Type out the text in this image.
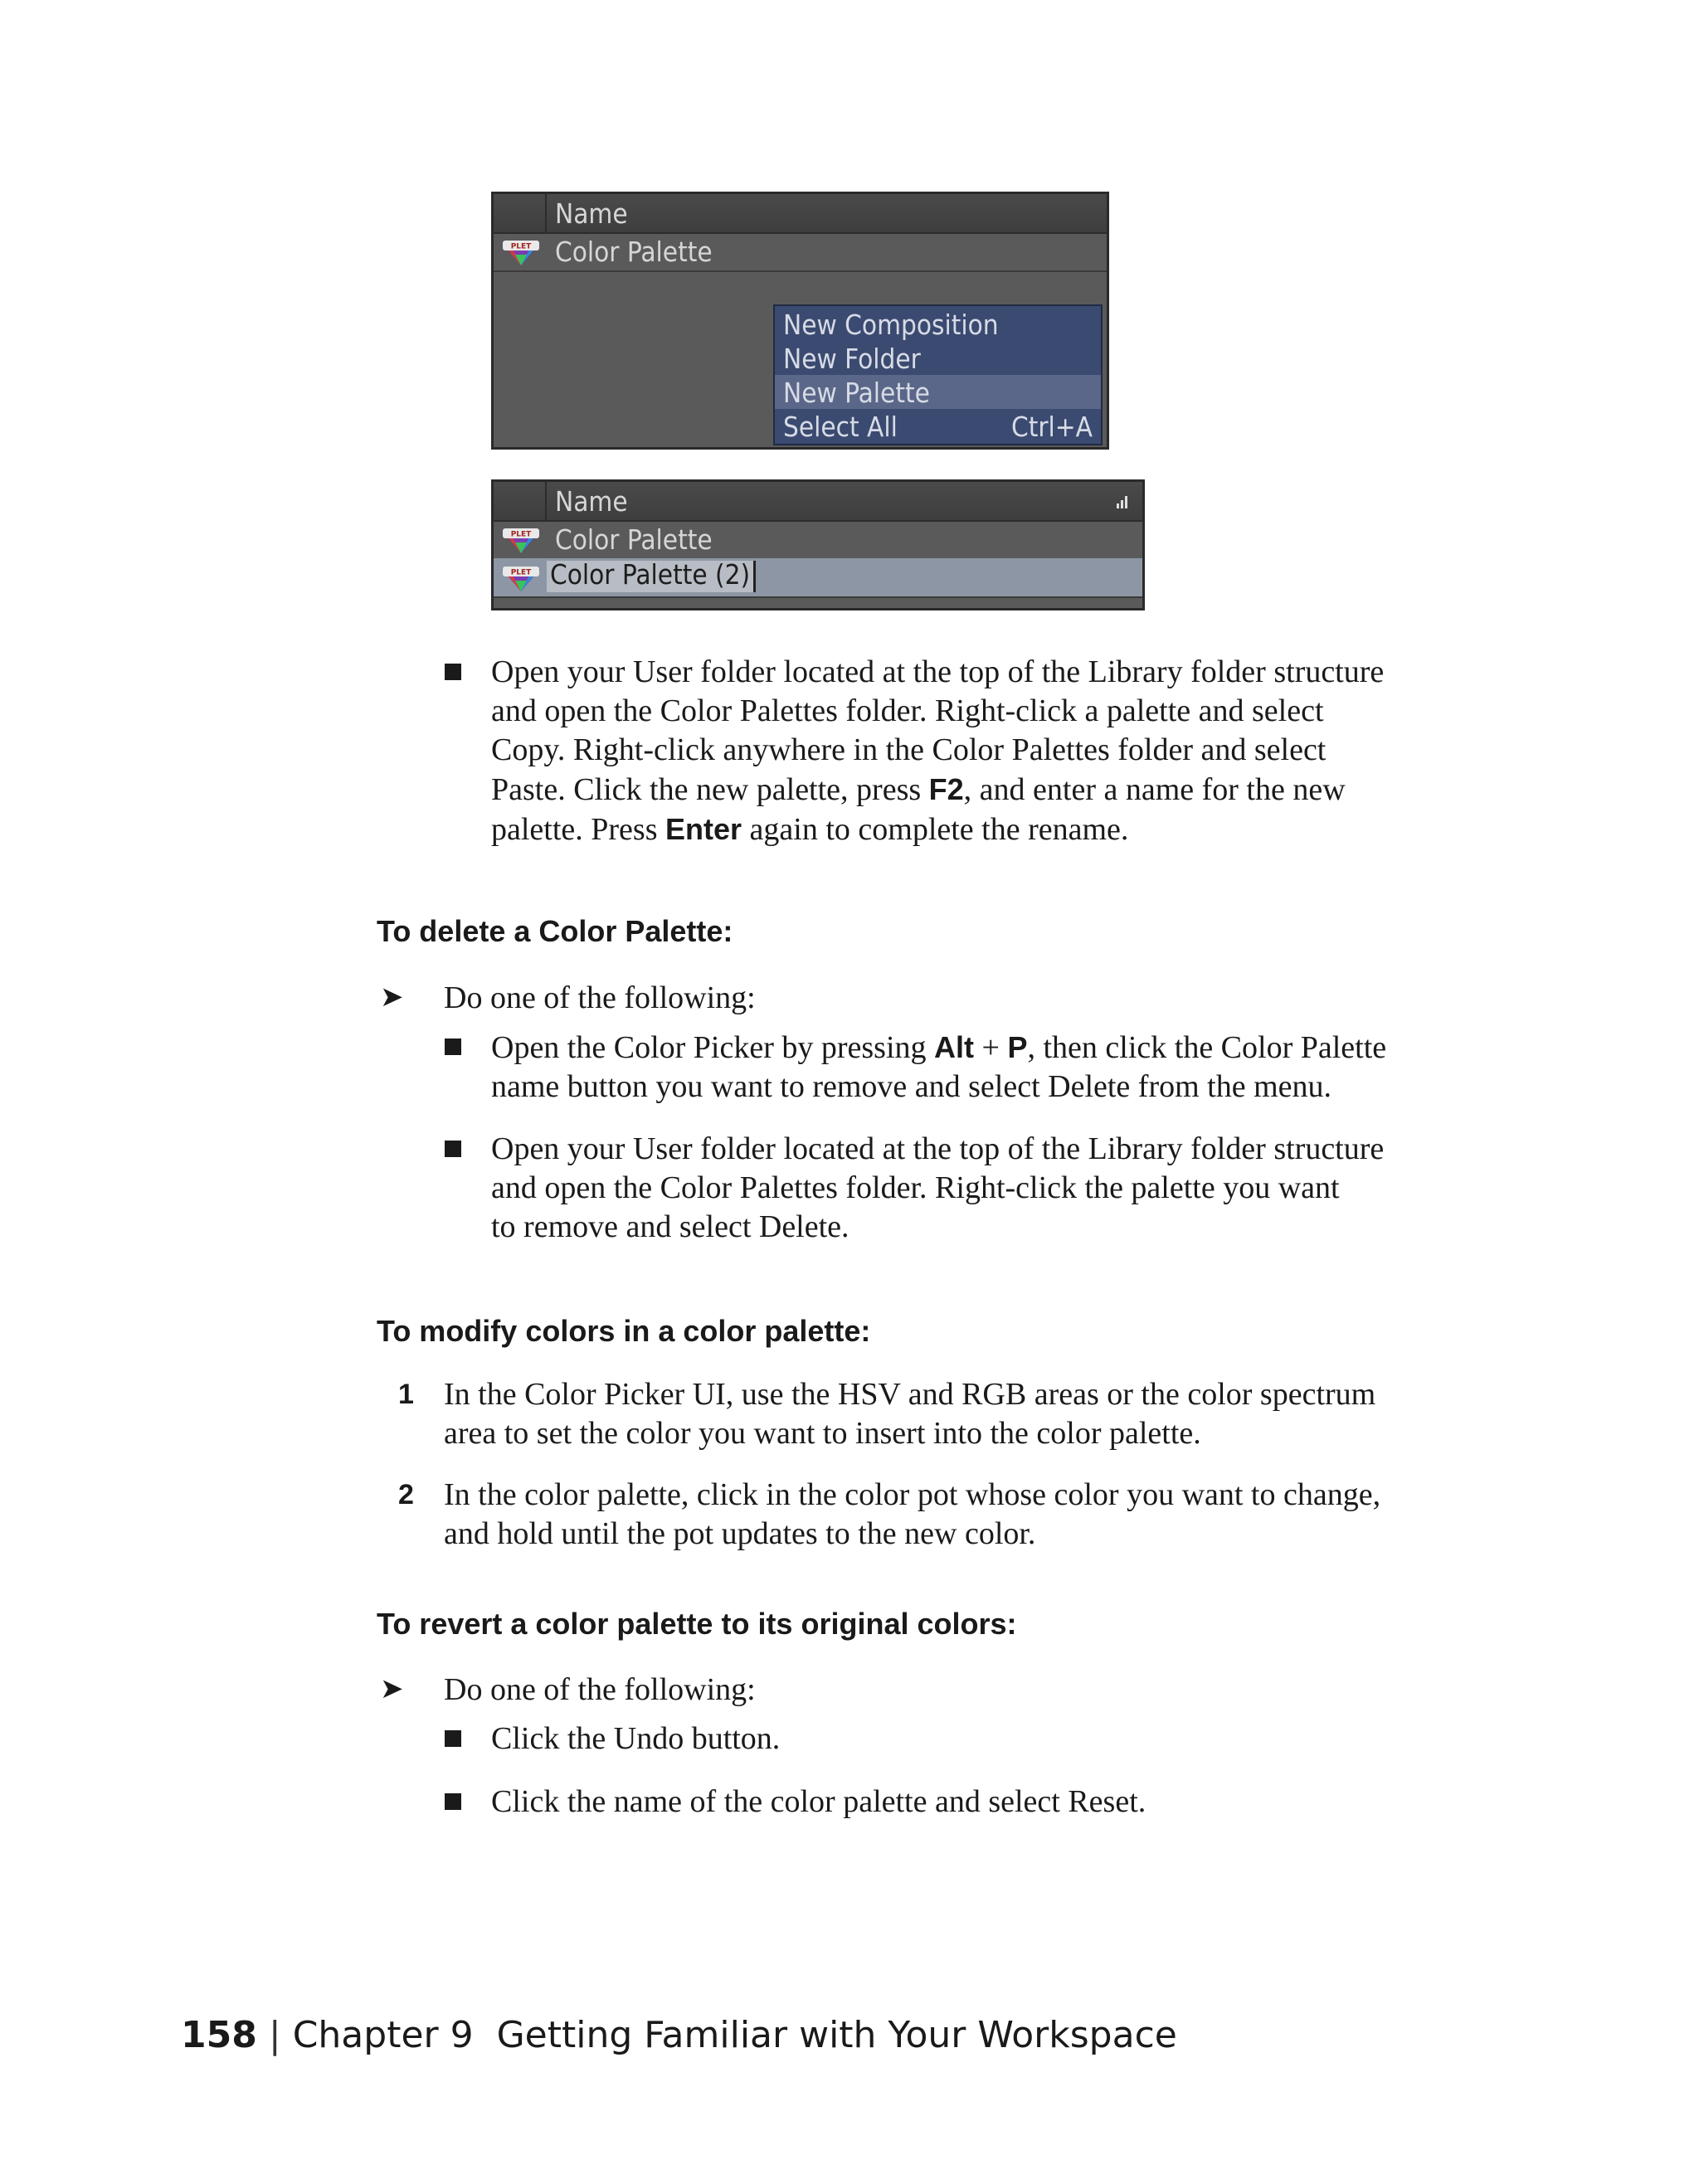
Name
PLET Color Palette
New Composition
New Folder
New Palette
Select All	Ctrl+A
Name
PLET Color Palette
PLET Color Palette (2)
Open your User folder located at the top of the Library folder structure
and open the Color Palettes folder. Right-click a palette and select
Copy. Right-click anywhere in the Color Palettes folder and select
Paste. Click the new palette, press F2, and enter a name for the new
palette. Press Enter again to complete the rename.
To delete a Color Palette:
➤ Do one of the following:
Open the Color Picker by pressing Alt + P, then click the Color Palette
name button you want to remove and select Delete from the menu.
Open your User folder located at the top of the Library folder structure
and open the Color Palettes folder. Right-click the palette you want
to remove and select Delete.
To modify colors in a color palette:
1 In the Color Picker UI, use the HSV and RGB areas or the color spectrum
area to set the color you want to insert into the color palette.
2 In the color palette, click in the color pot whose color you want to change,
and hold until the pot updates to the new color.
To revert a color palette to its original colors:
➤ Do one of the following:
Click the Undo button.
Click the name of the color palette and select Reset.
158 | Chapter 9 Getting Familiar with Your Workspace
